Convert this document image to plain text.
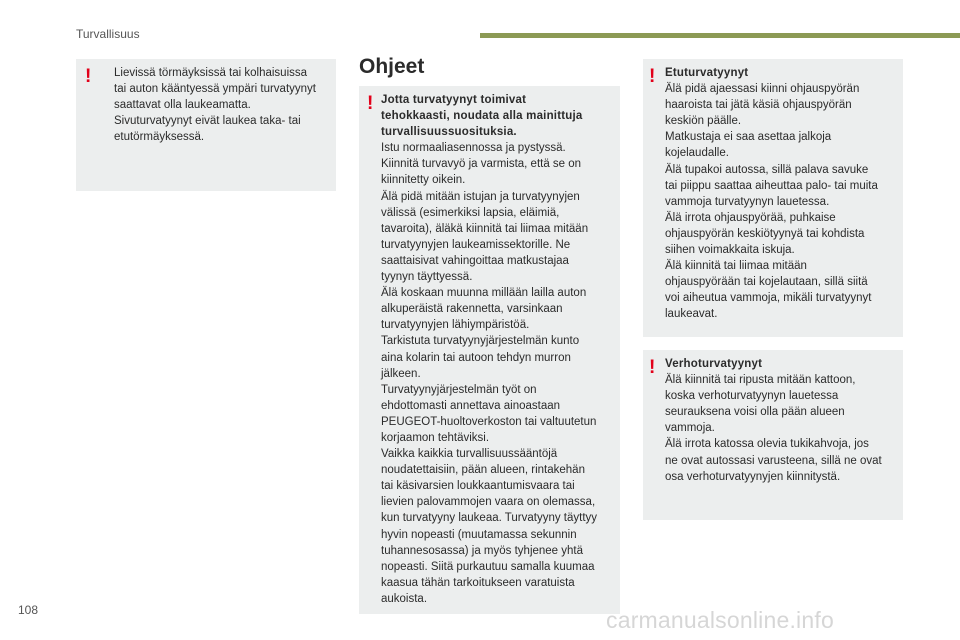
Turvallisuus
! Lievissä törmäyksissä tai kolhaisuissa

tai auton kääntyessä ympäri turvatyynyt

saattavat olla laukeamatta.

Sivuturvatyynyt eivät laukea taka- tai

etutörmäyksessä.

Ohjeet
! Jotta turvatyynyt toimivat

tehokkaasti, noudata alla mainittuja

turvallisuussuosituksia.

Istu normaaliasennossa ja pystyssä.

Kiinnitä turvavyö ja varmista, että se on

kiinnitetty oikein.

Älä pidä mitään istujan ja turvatyynyjen

välissä (esimerkiksi lapsia, eläimiä,

tavaroita), äläkä kiinnitä tai liimaa mitään

turvatyynyjen laukeamissektorille. Ne

saattaisivat vahingoittaa matkustajaa

tyynyn täyttyessä.

Älä koskaan muunna millään lailla auton

alkuperäistä rakennetta, varsinkaan

turvatyynyjen lähiympäristöä.

Tarkistuta turvatyynyjärjestelmän kunto

aina kolarin tai autoon tehdyn murron

jälkeen.

Turvatyynyjärjestelmän työt on

ehdottomasti annettava ainoastaan

PEUGEOT-huoltoverkoston tai valtuutetun

korjaamon tehtäviksi.

Vaikka kaikkia turvallisuussääntöjä

noudatettaisiin, pään alueen, rintakehän

tai käsivarsien loukkaantumisvaara tai

lievien palovammojen vaara on olemassa,

kun turvatyyny laukeaa. Turvatyyny täyttyy

hyvin nopeasti (muutamassa sekunnin

tuhannesosassa) ja myös tyhjenee yhtä

nopeasti. Siitä purkautuu samalla kuumaa

kaasua tähän tarkoitukseen varatuista

aukoista.

! Etuturvatyynyt

Älä pidä ajaessasi kiinni ohjauspyörän

haaroista tai jätä käsiä ohjauspyörän

keskiön päälle.

Matkustaja ei saa asettaa jalkoja

kojelaudalle.

Älä tupakoi autossa, sillä palava savuke

tai piippu saattaa aiheuttaa palo- tai muita

vammoja turvatyynyn lauetessa.

Älä irrota ohjauspyörää, puhkaise

ohjauspyörän keskiötyynyä tai kohdista

siihen voimakkaita iskuja.

Älä kiinnitä tai liimaa mitään

ohjauspyörään tai kojelautaan, sillä siitä

voi aiheutua vammoja, mikäli turvatyynyt

laukeavat.

! Verhoturvatyynyt

Älä kiinnitä tai ripusta mitään kattoon,

koska verhoturvatyynyn lauetessa

seurauksena voisi olla pään alueen

vammoja.

Älä irrota katossa olevia tukikahvoja, jos

ne ovat autossasi varusteena, sillä ne ovat

osa verhoturvatyynyjen kiinnitystä.

108	carmanualsonline.info
